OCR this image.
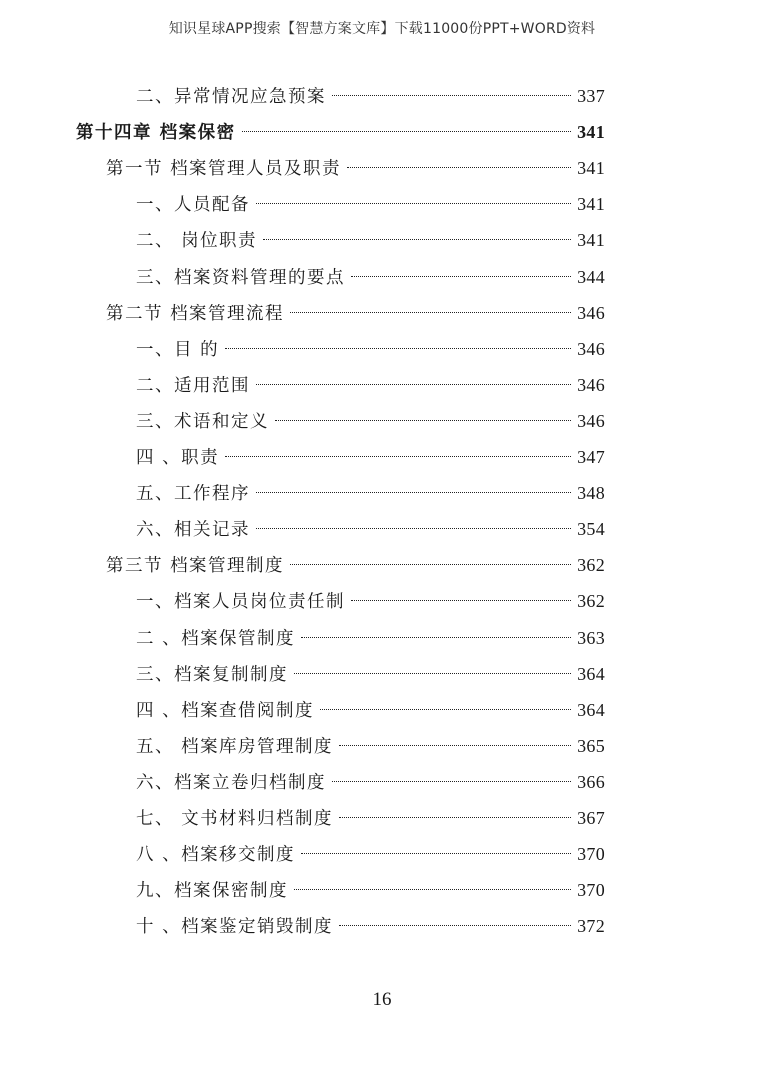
知识星球APP搜索【智慧方案文库】下载11000份PPT+WORD资料
二、异常情况应急预案	337
第十四章 档案保密	341
第一节 档案管理人员及职责	341
一、人员配备	341
二、 岗位职责	341
三、档案资料管理的要点	344
第二节 档案管理流程	346
一、目 的	346
二、适用范围	346
三、术语和定义	346
四 、职责	347
五、工作程序	348
六、相关记录	354
第三节 档案管理制度	362
一、档案人员岗位责任制	362
二 、档案保管制度	363
三、档案复制制度	364
四 、档案查借阅制度	364
五、 档案库房管理制度	365
六、档案立卷归档制度	366
七、 文书材料归档制度	367
八 、档案移交制度	370
九、档案保密制度	370
十 、档案鉴定销毁制度	372
16
